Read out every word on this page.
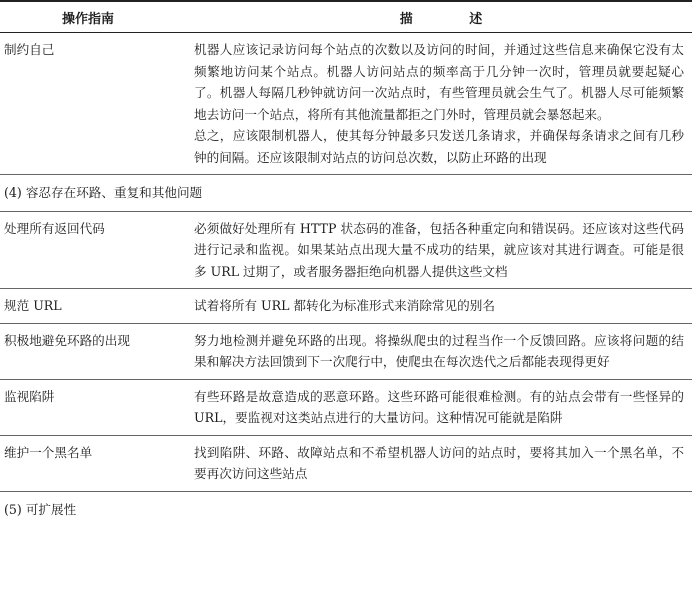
操作指南	描 述
制约自己	机器人应该记录访问每个站点的次数以及访问的时间，并通过这些信息来确保它没有太频繁地访问某个站点。机器人访问站点的频率高于几分钟一次时，管理员就要起疑心了。机器人每隔几秒钟就访问一次站点时，有些管理员就会生气了。机器人尽可能频繁地去访问一个站点，将所有其他流量都拒之门外时，管理员就会暴怒起来。

总之，应该限制机器人，使其每分钟最多只发送几条请求，并确保每条请求之间有几秒钟的间隔。还应该限制对站点的访问总次数，以防止环路的出现

(4) 容忍存在环路、重复和其他问题	
处理所有返回代码	必须做好处理所有 HTTP 状态码的准备，包括各种重定向和错误码。还应该对这些代码进行记录和监视。如果某站点出现大量不成功的结果，就应该对其进行调查。可能是很多 URL 过期了，或者服务器拒绝向机器人提供这些文档

规范 URL	试着将所有 URL 都转化为标准形式来消除常见的别名

积极地避免环路的出现	努力地检测并避免环路的出现。将操纵爬虫的过程当作一个反馈回路。应该将问题的结果和解决方法回馈到下一次爬行中，使爬虫在每次迭代之后都能表现得更好

监视陷阱	有些环路是故意造成的恶意环路。这些环路可能很难检测。有的站点会带有一些怪异的 URL，要监视对这类站点进行的大量访问。这种情况可能就是陷阱

维护一个黑名单	找到陷阱、环路、故障站点和不希望机器人访问的站点时，要将其加入一个黑名单，不要再次访问这些站点

(5) 可扩展性	
